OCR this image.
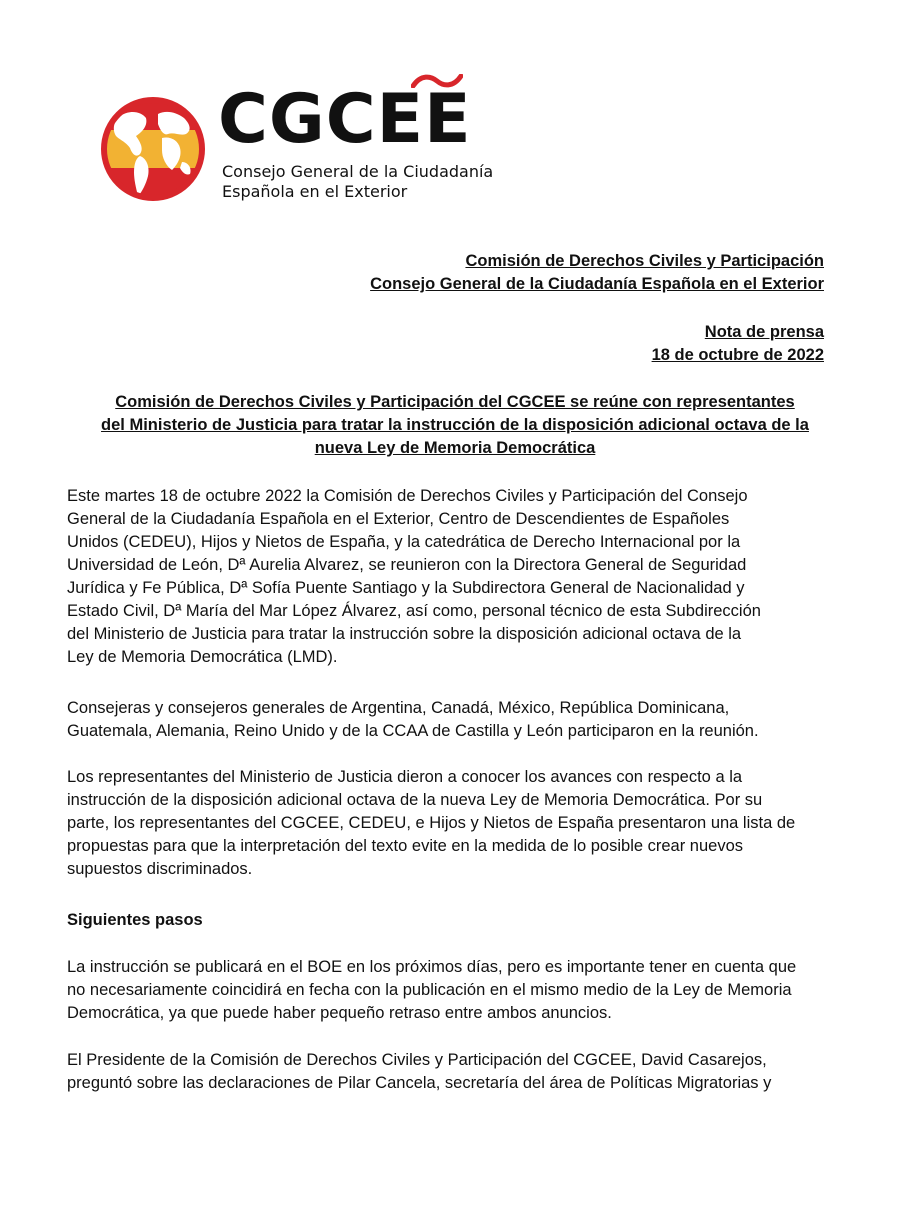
CGCEE
Consejo General de la Ciudadanía
Española en el Exterior
Comisión de Derechos Civiles y Participación
Consejo General de la Ciudadanía Española en el Exterior
Nota de prensa
18 de octubre de 2022
Comisión de Derechos Civiles y Participación del CGCEE se reúne con representantes
del Ministerio de Justicia para tratar la instrucción de la disposición adicional octava de la
nueva Ley de Memoria Democrática
Este martes 18 de octubre 2022 la Comisión de Derechos Civiles y Participación del Consejo
General de la Ciudadanía Española en el Exterior, Centro de Descendientes de Españoles
Unidos (CEDEU), Hijos y Nietos de España, y la catedrática de Derecho Internacional por la
Universidad de León, Dª Aurelia Alvarez, se reunieron con la Directora General de Seguridad
Jurídica y Fe Pública, Dª Sofía Puente Santiago y la Subdirectora General de Nacionalidad y
Estado Civil, Dª María del Mar López Álvarez, así como, personal técnico de esta Subdirección
del Ministerio de Justicia para tratar la instrucción sobre la disposición adicional octava de la
Ley de Memoria Democrática (LMD).
Consejeras y consejeros generales de Argentina, Canadá, México, República Dominicana,
Guatemala, Alemania, Reino Unido y de la CCAA de Castilla y León participaron en la reunión.
Los representantes del Ministerio de Justicia dieron a conocer los avances con respecto a la
instrucción de la disposición adicional octava de la nueva Ley de Memoria Democrática. Por su
parte, los representantes del CGCEE, CEDEU, e Hijos y Nietos de España presentaron una lista de
propuestas para que la interpretación del texto evite en la medida de lo posible crear nuevos
supuestos discriminados.
Siguientes pasos
La instrucción se publicará en el BOE en los próximos días, pero es importante tener en cuenta que
no necesariamente coincidirá en fecha con la publicación en el mismo medio de la Ley de Memoria
Democrática, ya que puede haber pequeño retraso entre ambos anuncios.
El Presidente de la Comisión de Derechos Civiles y Participación del CGCEE, David Casarejos,
preguntó sobre las declaraciones de Pilar Cancela, secretaría del área de Políticas Migratorias y
